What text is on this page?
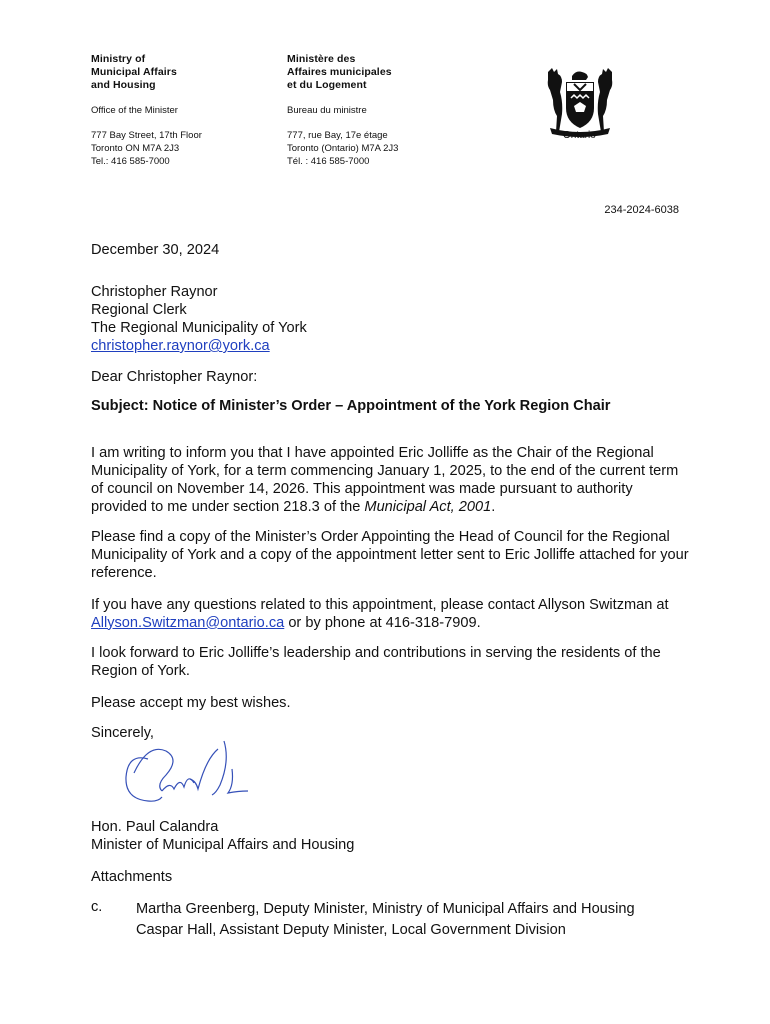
Ministry of
Municipal Affairs
and Housing
Office of the Minister
777 Bay Street, 17th Floor
Toronto ON M7A 2J3
Tel.: 416 585-7000
Ministère des
Affaires municipales
et du Logement
Bureau du ministre
777, rue Bay, 17e étage
Toronto (Ontario) M7A 2J3
Tél. : 416 585-7000
Ontario
234-2024-6038
December 30, 2024
Christopher Raynor
Regional Clerk
The Regional Municipality of York
christopher.raynor@york.ca
Dear Christopher Raynor:
Subject: Notice of Minister’s Order – Appointment of the York Region Chair

I am writing to inform you that I have appointed Eric Jolliffe as the Chair of the Regional Municipality of York, for a term commencing January 1, 2025, to the end of the current term of council on November 14, 2026. This appointment was made pursuant to authority provided to me under section 218.3 of the Municipal Act, 2001.

Please find a copy of the Minister’s Order Appointing the Head of Council for the Regional Municipality of York and a copy of the appointment letter sent to Eric Jolliffe attached for your reference.

If you have any questions related to this appointment, please contact Allyson Switzman at Allyson.Switzman@ontario.ca or by phone at 416-318-7909.

I look forward to Eric Jolliffe’s leadership and contributions in serving the residents of the Region of York.

Please accept my best wishes.

Sincerely,

Hon. Paul Calandra
Minister of Municipal Affairs and Housing
Attachments
c. Martha Greenberg, Deputy Minister, Ministry of Municipal Affairs and Housing
Caspar Hall, Assistant Deputy Minister, Local Government Division
